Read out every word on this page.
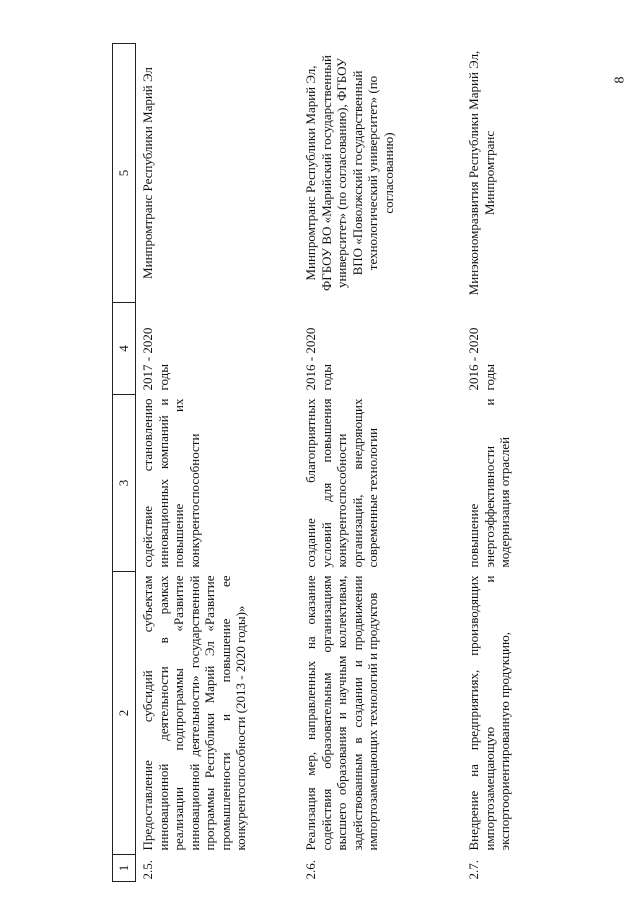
8
1	2	3	4	5
2.5.	Предоставление субсидий субъектам инновационной деятельности в рамках реализации подпрограммы «Развитие инновационной деятельности» государственной программы Республики Марий Эл «Развитие промышленности и повышение ее конкурентоспособности (2013 - 2020 годы)»	содействие становлению инновационных компаний и повышение их конкурентоспособности	2017 - 2020 годы	Минпромтранс Республики Марий Эл
2.6.	Реализация мер, направленных на оказание содействия образовательным организациям высшего образования и научным коллективам, задействованным в создании и продвижении импортозамещающих технологий и продуктов	создание благоприятных условий для повышения конкурентоспособности организаций, внедряющих современные технологии	2016 - 2020 годы	Минпромтранс Республики Марий Эл, ФГБОУ ВО «Марийский государственный университет» (по согласованию), ФГБОУ ВПО «Поволжский государственный технологический университет» (по согласованию)
2.7.	Внедрение на предприятиях, производящих импортозамещающую и экспортоориентированную продукцию,	повышение энергоэффективности и модернизация отраслей	2016 - 2020 годы	Минэкономразвития Республики Марий Эл, Минпромтранс
